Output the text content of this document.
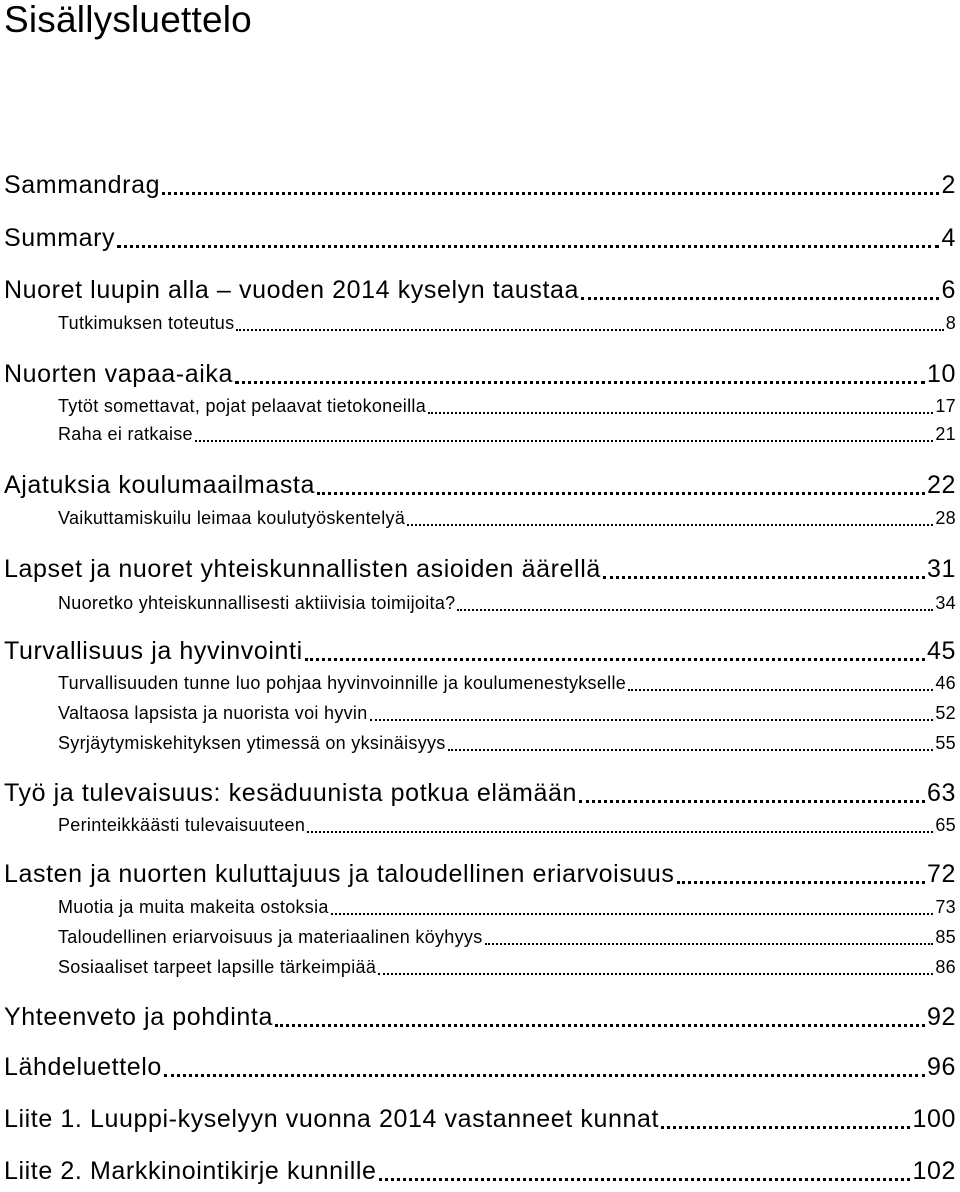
Sisällysluettelo
Sammandrag	2
Summary	4
Nuoret luupin alla – vuoden 2014 kyselyn taustaa	6
Tutkimuksen toteutus	8
Nuorten vapaa-aika	10
Tytöt somettavat, pojat pelaavat tietokoneilla	17
Raha ei ratkaise	21
Ajatuksia koulumaailmasta	22
Vaikuttamiskuilu leimaa koulutyöskentelyä	28
Lapset ja nuoret yhteiskunnallisten asioiden äärellä	31
Nuoretko yhteiskunnallisesti aktiivisia toimijoita?	34
Turvallisuus ja hyvinvointi	45
Turvallisuuden tunne luo pohjaa hyvinvoinnille ja koulumenestykselle	46
Valtaosa lapsista ja nuorista voi hyvin	52
Syrjäytymiskehityksen ytimessä on yksinäisyys	55
Työ ja tulevaisuus: kesäduunista potkua elämään	63
Perinteikkäästi tulevaisuuteen	65
Lasten ja nuorten kuluttajuus ja taloudellinen eriarvoisuus	72
Muotia ja muita makeita ostoksia	73
Taloudellinen eriarvoisuus ja materiaalinen köyhyys	85
Sosiaaliset tarpeet lapsille tärkeimpiää	86
Yhteenveto ja pohdinta	92
Lähdeluettelo	96
Liite 1. Luuppi-kyselyyn vuonna 2014 vastanneet kunnat	100
Liite 2. Markkinointikirje kunnille	102
